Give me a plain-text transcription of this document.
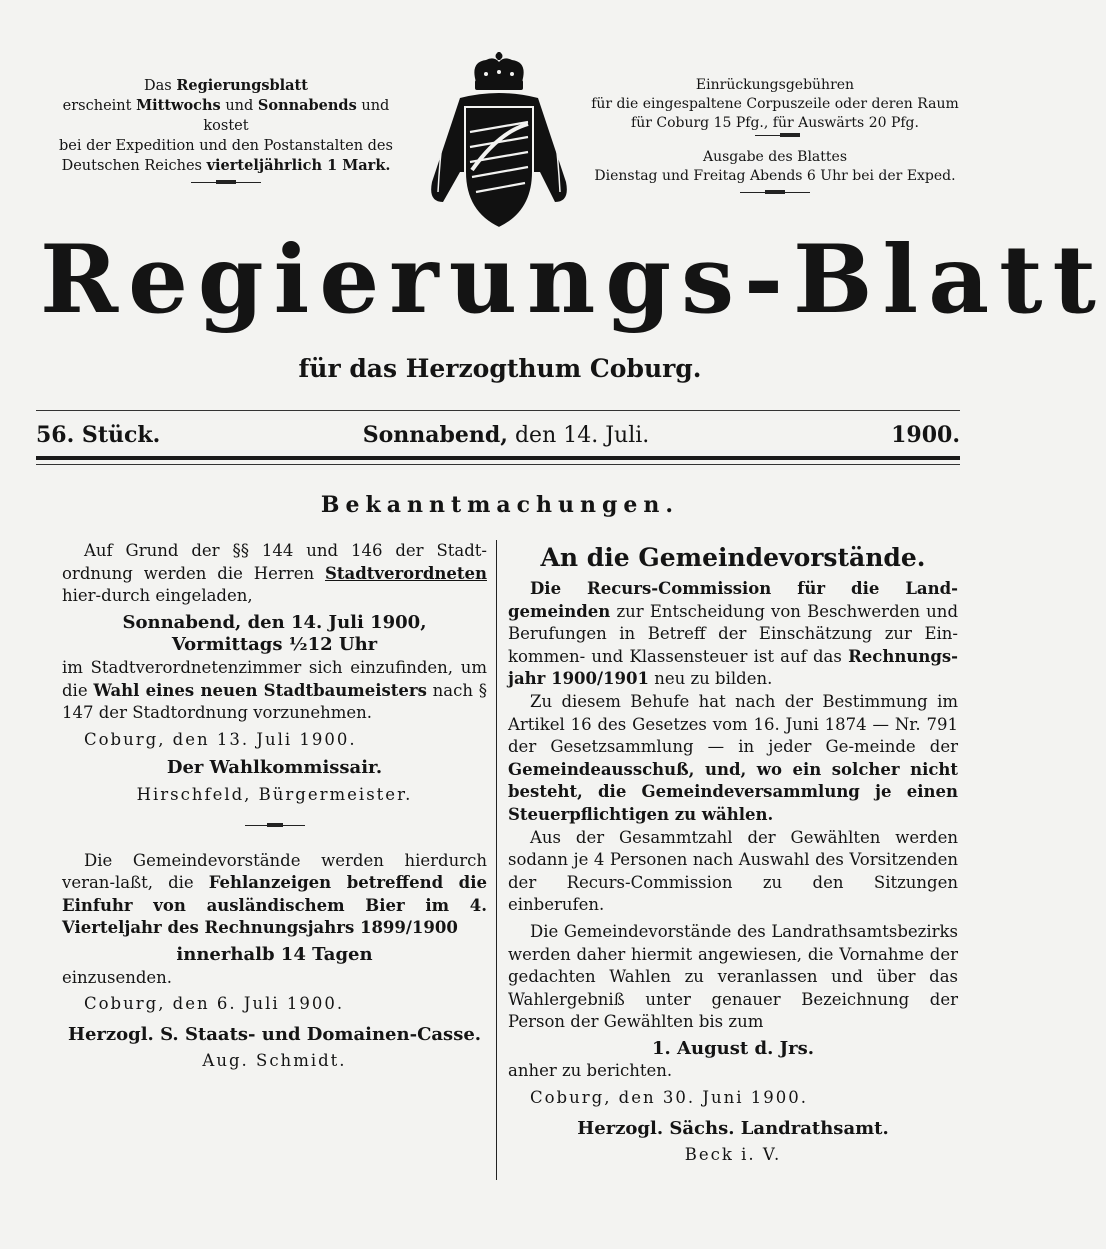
Das Regierungsblatt
erscheint Mittwochs und Sonnabends und kostet
bei der Expedition und den Postanstalten des
Deutschen Reiches vierteljährlich 1 Mark.
Einrückungsgebühren
für die eingespaltene Corpuszeile oder deren Raum
für Coburg 15 Pfg., für Auswärts 20 Pfg.
Ausgabe des Blattes
Dienstag und Freitag Abends 6 Uhr bei der Exped.
Regierungs-Blatt
für das Herzogthum Coburg.
56. Stück.	Sonnabend, den 14. Juli.	1900.
Bekanntmachungen.

Auf Grund der §§ 144 und 146 der Stadt-ordnung werden die Herren Stadtverordneten hier-durch eingeladen,

Sonnabend, den 14. Juli 1900,
Vormittags ½12 Uhr

im Stadtverordnetenzimmer sich einzufinden, um die Wahl eines neuen Stadtbaumeisters nach § 147 der Stadtordnung vorzunehmen.

Coburg, den 13. Juli 1900.

Der Wahlkommissair.
Hirschfeld, Bürgermeister.

Die Gemeindevorstände werden hierdurch veran-laßt, die Fehlanzeigen betreffend die Einfuhr von ausländischem Bier im 4. Vierteljahr des Rechnungsjahrs 1899/1900

innerhalb 14 Tagen

einzusenden.

Coburg, den 6. Juli 1900.

Herzogl. S. Staats- und Domainen-Casse.
Aug. Schmidt.
An die Gemeindevorstände.

Die Recurs-Commission für die Land-gemeinden zur Entscheidung von Beschwerden und Berufungen in Betreff der Einschätzung zur Ein-kommen- und Klassensteuer ist auf das Rechnungs-jahr 1900/1901 neu zu bilden.

Zu diesem Behufe hat nach der Bestimmung im Artikel 16 des Gesetzes vom 16. Juni 1874 — Nr. 791 der Gesetzsammlung — in jeder Ge-meinde der Gemeindeausschuß, und, wo ein solcher nicht besteht, die Gemeindeversammlung je einen Steuerpflichtigen zu wählen.

Aus der Gesammtzahl der Gewählten werden sodann je 4 Personen nach Auswahl des Vorsitzenden der Recurs-Commission zu den Sitzungen einberufen.

Die Gemeindevorstände des Landrathsamtsbezirks werden daher hiermit angewiesen, die Vornahme der gedachten Wahlen zu veranlassen und über das Wahlergebniß unter genauer Bezeichnung der Person der Gewählten bis zum

1. August d. Jrs.

anher zu berichten.

Coburg, den 30. Juni 1900.

Herzogl. Sächs. Landrathsamt.
Beck i. V.
